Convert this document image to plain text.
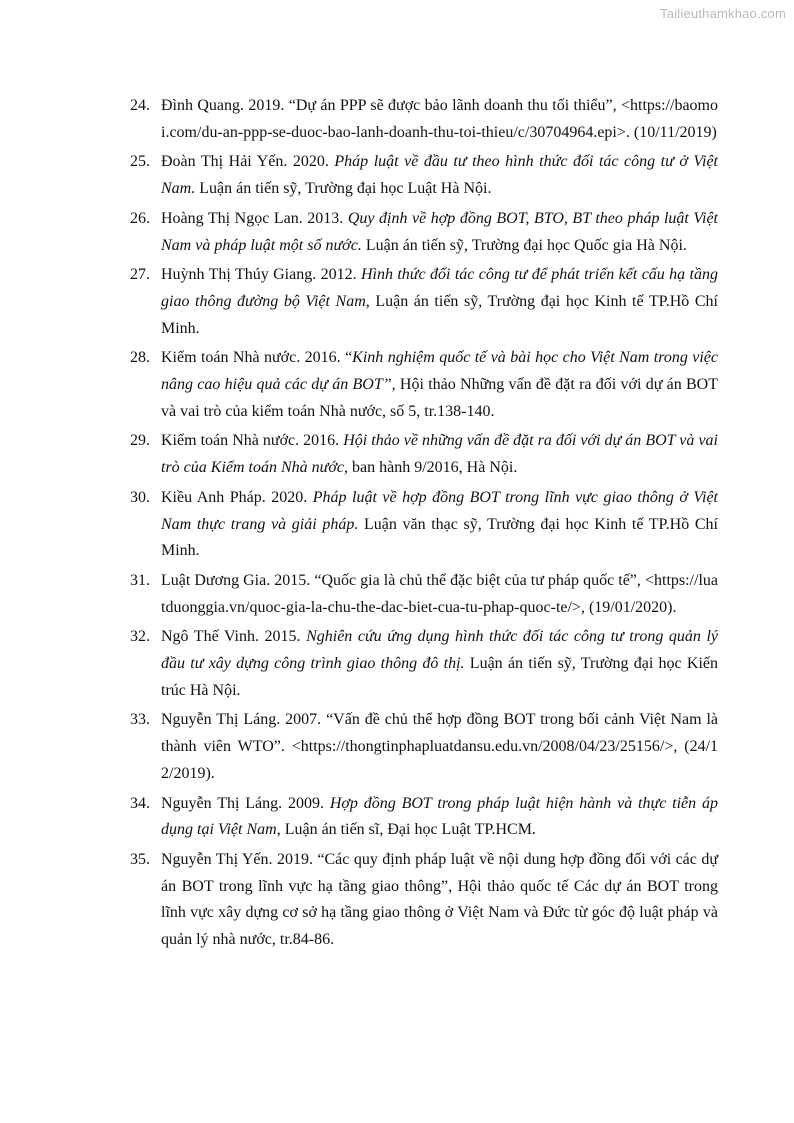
Tailieuthamkhao.com
24. Đình Quang. 2019. “Dự án PPP sẽ được bảo lãnh doanh thu tối thiểu”, <https://baomoi.com/du-an-ppp-se-duoc-bao-lanh-doanh-thu-toi-thieu/c/30704964.epi>. (10/11/2019)
25. Đoàn Thị Hải Yến. 2020. Pháp luật về đầu tư theo hình thức đối tác công tư ở Việt Nam. Luận án tiến sỹ, Trường đại học Luật Hà Nội.
26. Hoàng Thị Ngọc Lan. 2013. Quy định về hợp đồng BOT, BTO, BT theo pháp luật Việt Nam và pháp luật một số nước. Luận án tiến sỹ, Trường đại học Quốc gia Hà Nội.
27. Huỳnh Thị Thúy Giang. 2012. Hình thức đối tác công tư để phát triển kết cấu hạ tầng giao thông đường bộ Việt Nam, Luận án tiến sỹ, Trường đại học Kinh tế TP.Hồ Chí Minh.
28. Kiểm toán Nhà nước. 2016. “Kinh nghiệm quốc tế và bài học cho Việt Nam trong việc nâng cao hiệu quả các dự án BOT”, Hội thảo Những vấn đề đặt ra đối với dự án BOT và vai trò của kiểm toán Nhà nước, số 5, tr.138-140.
29. Kiểm toán Nhà nước. 2016. Hội thảo về những vấn đề đặt ra đối với dự án BOT và vai trò của Kiểm toán Nhà nước, ban hành 9/2016, Hà Nội.
30. Kiều Anh Pháp. 2020. Pháp luật về hợp đồng BOT trong lĩnh vực giao thông ở Việt Nam thực trang và giải pháp. Luận văn thạc sỹ, Trường đại học Kinh tế TP.Hồ Chí Minh.
31. Luật Dương Gia. 2015. “Quốc gia là chủ thể đặc biệt của tư pháp quốc tế”, <https://luatduonggia.vn/quoc-gia-la-chu-the-dac-biet-cua-tu-phap-quoc-te/>, (19/01/2020).
32. Ngô Thế Vinh. 2015. Nghiên cứu ứng dụng hình thức đối tác công tư trong quản lý đầu tư xây dựng công trình giao thông đô thị. Luận án tiến sỹ, Trường đại học Kiến trúc Hà Nội.
33. Nguyễn Thị Láng. 2007. “Vấn đề chủ thể hợp đồng BOT trong bối cảnh Việt Nam là thành viên WTO”. <https://thongtinphapluatdansu.edu.vn/2008/04/23/25156/>, (24/12/2019).
34. Nguyễn Thị Láng. 2009. Hợp đồng BOT trong pháp luật hiện hành và thực tiễn áp dụng tại Việt Nam, Luận án tiến sĩ, Đại học Luật TP.HCM.
35. Nguyễn Thị Yến. 2019. “Các quy định pháp luật về nội dung hợp đồng đối với các dự án BOT trong lĩnh vực hạ tầng giao thông”, Hội thảo quốc tế Các dự án BOT trong lĩnh vực xây dựng cơ sở hạ tầng giao thông ở Việt Nam và Đức từ góc độ luật pháp và quản lý nhà nước, tr.84-86.
